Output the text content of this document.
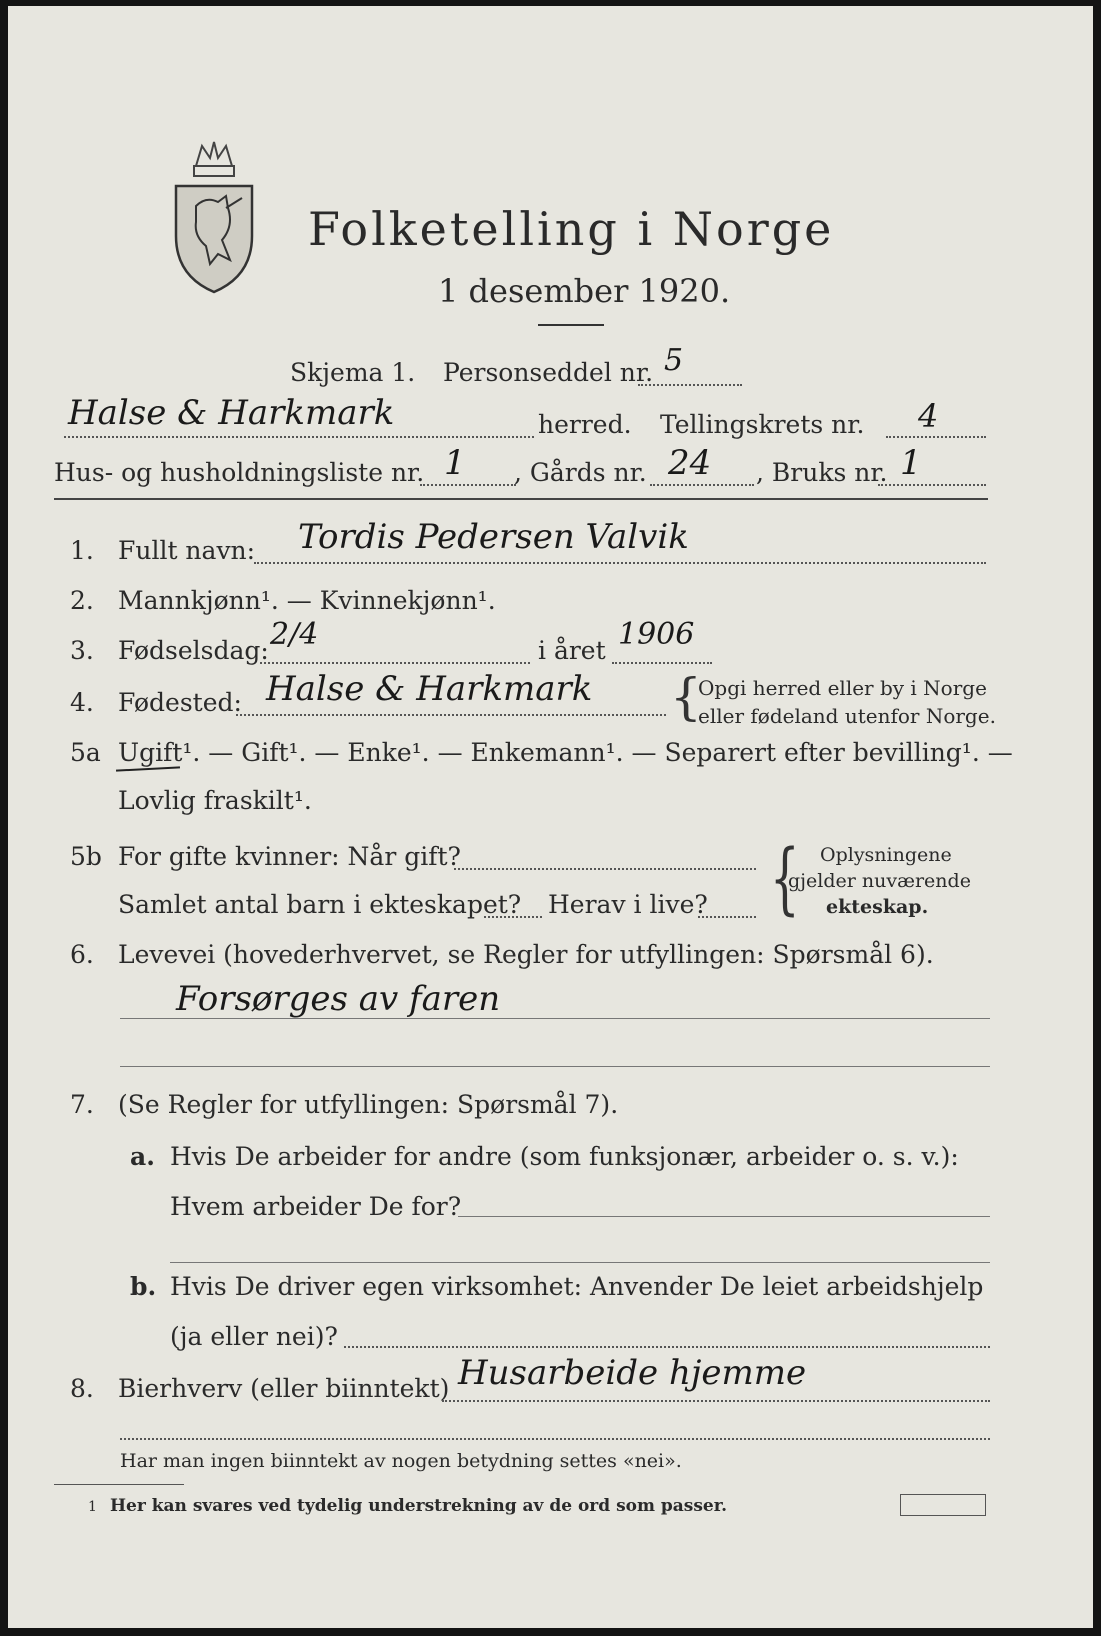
Folketelling i Norge
1 desember 1920.
Skjema 1. Personseddel nr. 5
Halse & Harkmark	herred. Tellingskrets nr. 4
Hus- og husholdningsliste nr. 1 , Gårds nr. 24 , Bruks nr. 1
1. Fullt navn: Tordis Pedersen Valvik
2. Mannkjønn¹. — Kvinnekjønn¹.
3. Fødselsdag: 2/4	i året 1906
4. Fødested: Halse & Harkmark {
Opgi herred eller by i Norge
eller fødeland utenfor Norge.
5a Ugift¹. — Gift¹. — Enke¹. — Enkemann¹. — Separert efter bevilling¹. —
Lovlig fraskilt¹.
5b For gifte kvinner: Når gift?
Samlet antal barn i ekteskapet? Herav i live? { Oplysningene
gjelder nuværende
ekteskap.
6. Levevei (hovederhvervet, se Regler for utfyllingen: Spørsmål 6).
Forsørges av faren
7. (Se Regler for utfyllingen: Spørsmål 7).
a. Hvis De arbeider for andre (som funksjonær, arbeider o. s. v.):
Hvem arbeider De for?
b. Hvis De driver egen virksomhet: Anvender De leiet arbeidshjelp
(ja eller nei)?
8. Bierhverv (eller biinntekt) Husarbeide hjemme
Har man ingen biinntekt av nogen betydning settes «nei».
1 Her kan svares ved tydelig understrekning av de ord som passer.
